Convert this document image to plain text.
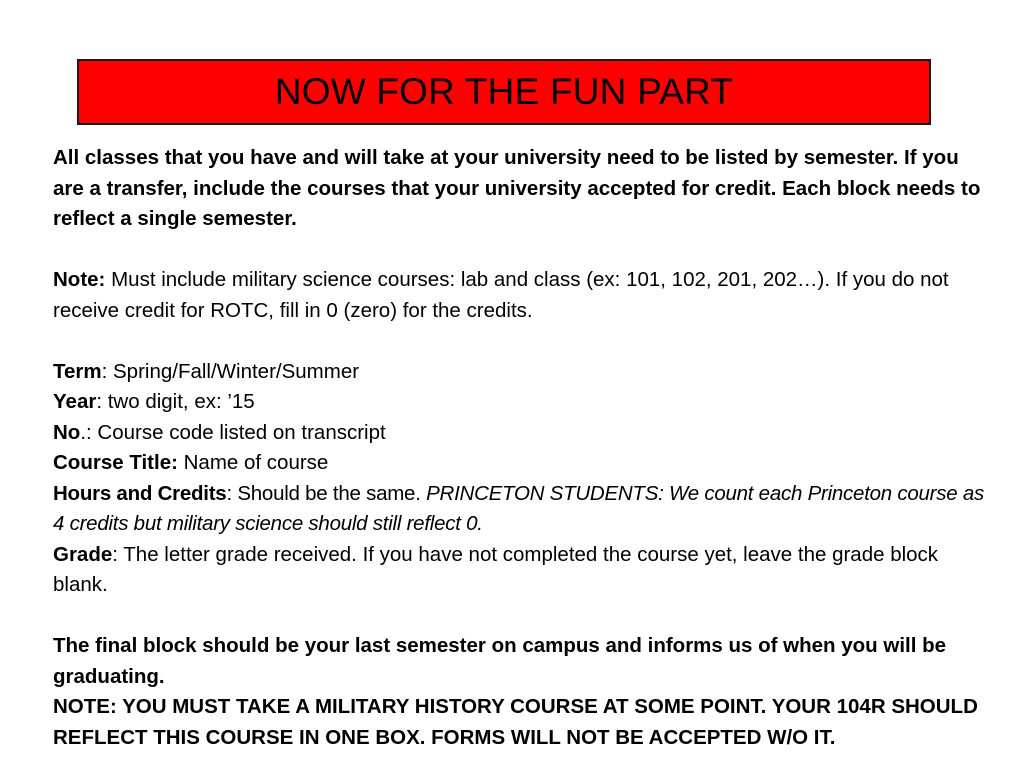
NOW FOR THE FUN PART

All classes that you have and will take at your university need to be listed by semester. If you are a transfer, include the courses that your university accepted for credit. Each block needs to reflect a single semester.

Note: Must include military science courses: lab and class (ex: 101, 102, 201, 202…). If you do not receive credit for ROTC, fill in 0 (zero) for the credits.

Term: Spring/Fall/Winter/Summer

Year: two digit, ex: ’15

No.: Course code listed on transcript

Course Title: Name of course

Hours and Credits: Should be the same. PRINCETON STUDENTS: We count each Princeton course as 4 credits but military science should still reflect 0.

Grade: The letter grade received. If you have not completed the course yet, leave the grade block blank.

The final block should be your last semester on campus and informs us of when you will be graduating.

NOTE: YOU MUST TAKE A MILITARY HISTORY COURSE AT SOME POINT. YOUR 104R SHOULD REFLECT THIS COURSE IN ONE BOX. FORMS WILL NOT BE ACCEPTED W/O IT.
